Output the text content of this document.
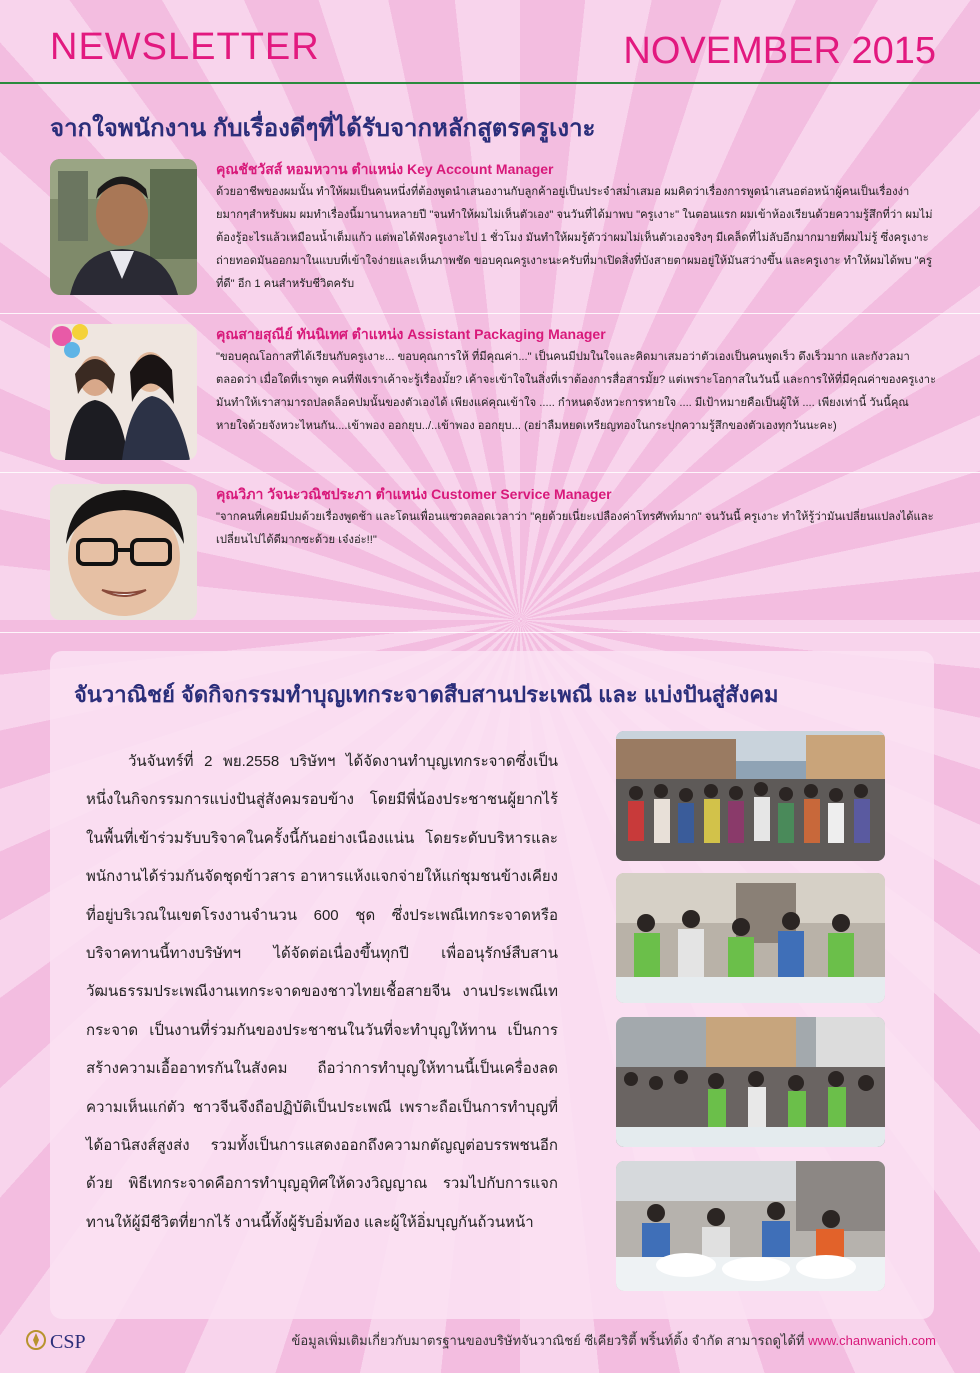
NEWSLETTER	NOVEMBER 2015
จากใจพนักงาน กับเรื่องดีๆที่ได้รับจากหลักสูตรครูเงาะ
คุณชัชวัสส์ หอมหวาน ตำแหน่ง Key Account Manager
ด้วยอาชีพของผมนั้น ทำให้ผมเป็นคนหนึ่งที่ต้องพูดนำเสนองานกับลูกค้าอยู่เป็นประจำสม่ำเสมอ ผมคิดว่าเรื่องการพูดนำเสนอต่อหน้าผู้คนเป็นเรื่องง่ายมากๆสำหรับผม ผมทำเรื่องนี้มานานหลายปี "จนทำให้ผมไม่เห็นตัวเอง" จนวันที่ได้มาพบ "ครูเงาะ" ในตอนแรก ผมเข้าห้องเรียนด้วยความรู้สึกที่ว่า ผมไม่ต้องรู้อะไรแล้วเหมือนน้ำเต็มแก้ว แต่พอได้ฟังครูเงาะไป 1 ชั่วโมง มันทำให้ผมรู้ตัวว่าผมไม่เห็นตัวเองจริงๆ มีเคล็ดที่ไม่ลับอีกมากมายที่ผมไม่รู้ ซึ่งครูเงาะถ่ายทอดมันออกมาในแบบที่เข้าใจง่ายและเห็นภาพชัด ขอบคุณครูเงาะนะครับที่มาเปิดสิ่งที่บังสายตาผมอยู่ให้มันสว่างขึ้น และครูเงาะ ทำให้ผมได้พบ "ครูที่ดี" อีก 1 คนสำหรับชีวิตครับ
คุณสายสุณีย์ ทันนิเทศ ตำแหน่ง Assistant Packaging Manager
"ขอบคุณโอกาสที่ได้เรียนกับครูเงาะ... ขอบคุณการให้ ที่มีคุณค่า..." เป็นคนมีปมในใจและคิดมาเสมอว่าตัวเองเป็นคนพูดเร็ว ดึงเร็วมาก และกังวลมาตลอดว่า เมื่อใดที่เราพูด คนที่ฟังเราเค้าจะรู้เรื่องมั้ย? เค้าจะเข้าใจในสิ่งที่เราต้องการสื่อสารมั้ย? แต่เพราะโอกาสในวันนี้ และการให้ที่มีคุณค่าของครูเงาะ มันทำให้เราสามารถปลดล็อคปมนั้นของตัวเองได้ เพียงแค่คุณเข้าใจ ..... กำหนดจังหวะการหายใจ .... มีเป้าหมายคือเป็นผู้ให้ .... เพียงเท่านี้ วันนี้คุณหายใจด้วยจังหวะไหนกัน....เข้าพอง ออกยุบ../..เข้าพอง ออกยุบ... (อย่าลืมหยดเหรียญทองในกระปุกความรู้สึกของตัวเองทุกวันนะคะ)
คุณวิภา วัจนะวณิชประภา ตำแหน่ง Customer Service Manager
"จากคนที่เคยมีปมด้วยเรื่องพูดช้า และโดนเพื่อนแซวตลอดเวลาว่า "คุยด้วยเนี่ยะเปลืองค่าโทรศัพท์มาก" จนวันนี้ ครูเงาะ ทำให้รู้ว่ามันเปลี่ยนแปลงได้และเปลี่ยนไปได้ดีมากซะด้วย เจ๋งอ่ะ!!"
จันวาณิชย์ จัดกิจกรรมทำบุญเทกระจาดสืบสานประเพณี และ แบ่งปันสู่สังคม

วันจันทร์ที่ 2 พย.2558 บริษัทฯ ได้จัดงานทำบุญเทกระจาดซึ่งเป็นหนึ่งในกิจกรรมการแบ่งปันสู่สังคมรอบข้าง โดยมีพี่น้องประชาชนผู้ยากไร้ในพื้นที่เข้าร่วมรับบริจาคในครั้งนี้กันอย่างเนืองแน่น โดยระดับบริหารและพนักงานได้ร่วมกันจัดชุดข้าวสาร อาหารแห้งแจกจ่ายให้แก่ชุมชนข้างเคียงที่อยู่บริเวณในเขตโรงงานจำนวน 600 ชุด ซึ่งประเพณีเทกระจาดหรือบริจาคทานนี้ทางบริษัทฯ ได้จัดต่อเนื่องขึ้นทุกปี เพื่ออนุรักษ์สืบสานวัฒนธรรมประเพณีงานเทกระจาดของชาวไทยเชื้อสายจีน งานประเพณีเทกระจาด เป็นงานที่ร่วมกันของประชาชนในวันที่จะทำบุญให้ทาน เป็นการสร้างความเอื้ออาทรกันในสังคม ถือว่าการทำบุญให้ทานนี้เป็นเครื่องลดความเห็นแก่ตัว ชาวจีนจึงถือปฏิบัติเป็นประเพณี เพราะถือเป็นการทำบุญที่ได้อานิสงส์สูงส่ง รวมทั้งเป็นการแสดงออกถึงความกตัญญูต่อบรรพชนอีกด้วย พิธีเทกระจาดคือการทำบุญอุทิศให้ดวงวิญญาณ รวมไปกับการแจกทานให้ผู้มีชีวิตที่ยากไร้ งานนี้ทั้งผู้รับอิ่มท้อง และผู้ให้อิ่มบุญกันถ้วนหน้า

CSP	ข้อมูลเพิ่มเติมเกี่ยวกับมาตรฐานของบริษัทจันวาณิชย์ ซีเคียวริตี้ พริ้นท์ติ้ง จำกัด สามารถดูได้ที่ www.chanwanich.com
